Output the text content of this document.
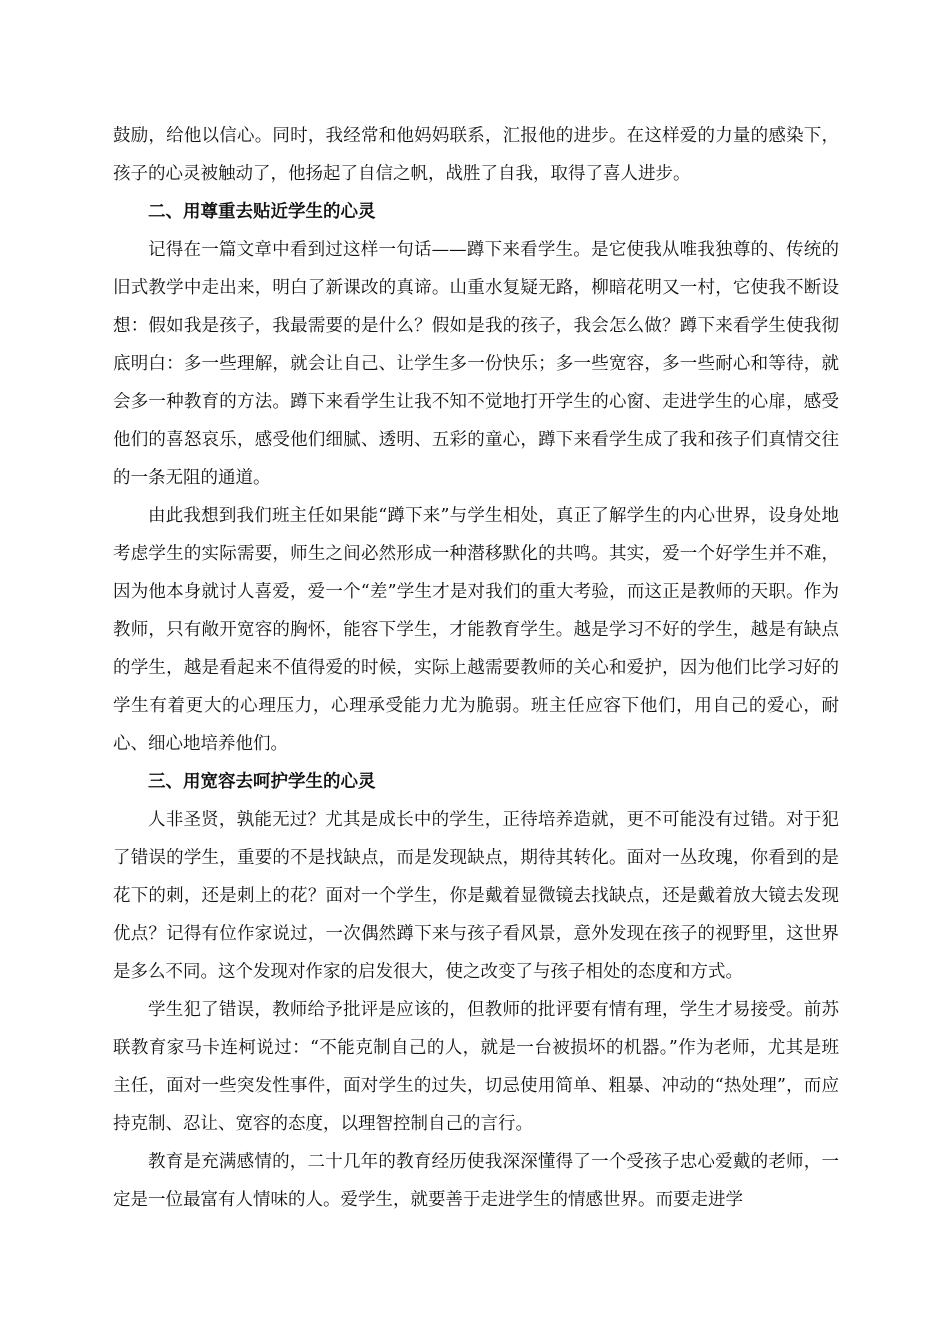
鼓励，给他以信心。同时，我经常和他妈妈联系，汇报他的进步。在这样爱的力量的感染下，孩子的心灵被触动了，他扬起了自信之帆，战胜了自我，取得了喜人进步。

二、用尊重去贴近学生的心灵

记得在一篇文章中看到过这样一句话——蹲下来看学生。是它使我从唯我独尊的、传统的旧式教学中走出来，明白了新课改的真谛。山重水复疑无路，柳暗花明又一村，它使我不断设想：假如我是孩子，我最需要的是什么？假如是我的孩子，我会怎么做？蹲下来看学生使我彻底明白：多一些理解，就会让自己、让学生多一份快乐；多一些宽容，多一些耐心和等待，就会多一种教育的方法。蹲下来看学生让我不知不觉地打开学生的心窗、走进学生的心扉，感受他们的喜怒哀乐，感受他们细腻、透明、五彩的童心，蹲下来看学生成了我和孩子们真情交往的一条无阻的通道。

由此我想到我们班主任如果能“蹲下来”与学生相处，真正了解学生的内心世界，设身处地考虑学生的实际需要，师生之间必然形成一种潜移默化的共鸣。其实，爱一个好学生并不难，因为他本身就讨人喜爱，爱一个“差”学生才是对我们的重大考验，而这正是教师的天职。作为教师，只有敞开宽容的胸怀，能容下学生，才能教育学生。越是学习不好的学生，越是有缺点的学生，越是看起来不值得爱的时候，实际上越需要教师的关心和爱护，因为他们比学习好的学生有着更大的心理压力，心理承受能力尤为脆弱。班主任应容下他们，用自己的爱心，耐心、细心地培养他们。

三、用宽容去呵护学生的心灵

人非圣贤，孰能无过？尤其是成长中的学生，正待培养造就，更不可能没有过错。对于犯了错误的学生，重要的不是找缺点，而是发现缺点，期待其转化。面对一丛玫瑰，你看到的是花下的刺，还是刺上的花？面对一个学生，你是戴着显微镜去找缺点，还是戴着放大镜去发现优点？记得有位作家说过，一次偶然蹲下来与孩子看风景，意外发现在孩子的视野里，这世界是多么不同。这个发现对作家的启发很大，使之改变了与孩子相处的态度和方式。

学生犯了错误，教师给予批评是应该的，但教师的批评要有情有理，学生才易接受。前苏联教育家马卡连柯说过：“不能克制自己的人，就是一台被损坏的机器。”作为老师，尤其是班主任，面对一些突发性事件，面对学生的过失，切忌使用简单、粗暴、冲动的“热处理”，而应持克制、忍让、宽容的态度，以理智控制自己的言行。

教育是充满感情的，二十几年的教育经历使我深深懂得了一个受孩子忠心爱戴的老师，一定是一位最富有人情味的人。爱学生，就要善于走进学生的情感世界。而要走进学
